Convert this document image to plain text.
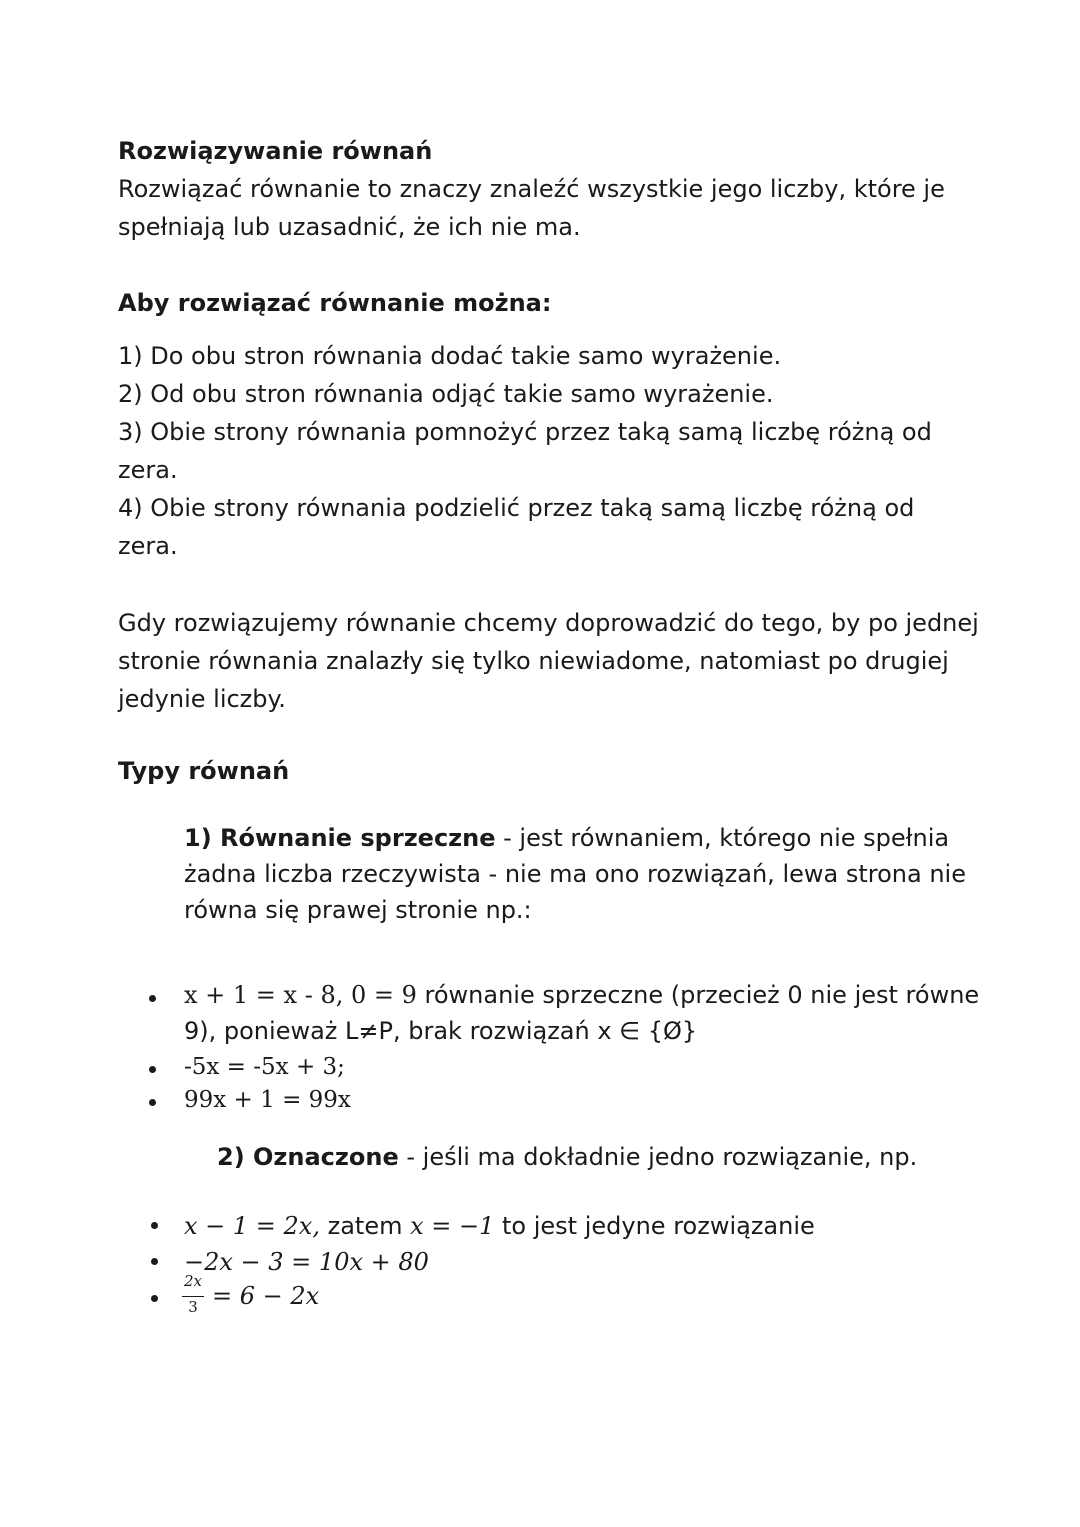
Rozwiązywanie równań
Rozwiązać równanie to znaczy znaleźć wszystkie jego liczby, które je
spełniają lub uzasadnić, że ich nie ma.
Aby rozwiązać równanie można:
1) Do obu stron równania dodać takie samo wyrażenie.
2) Od obu stron równania odjąć takie samo wyrażenie.
3) Obie strony równania pomnożyć przez taką samą liczbę różną od
zera.
4) Obie strony równania podzielić przez taką samą liczbę różną od
zera.
Gdy rozwiązujemy równanie chcemy doprowadzić do tego, by po jednej
stronie równania znalazły się tylko niewiadome, natomiast po drugiej
jedynie liczby.
Typy równań
1) Równanie sprzeczne - jest równaniem, którego nie spełnia
żadna liczba rzeczywista - nie ma ono rozwiązań, lewa strona nie
równa się prawej stronie np.:
x + 1 = x - 8, 0 = 9 równanie sprzeczne (przecież 0 nie jest równe
9), ponieważ L≠P, brak rozwiązań x ∈ {Ø}
-5x = -5x + 3;
99x + 1 = 99x
2) Oznaczone - jeśli ma dokładnie jedno rozwiązanie, np.
x − 1 = 2x, zatem x = −1 to jest jedyne rozwiązanie
−2x − 3 = 10x + 80
2x
3 = 6 − 2x
